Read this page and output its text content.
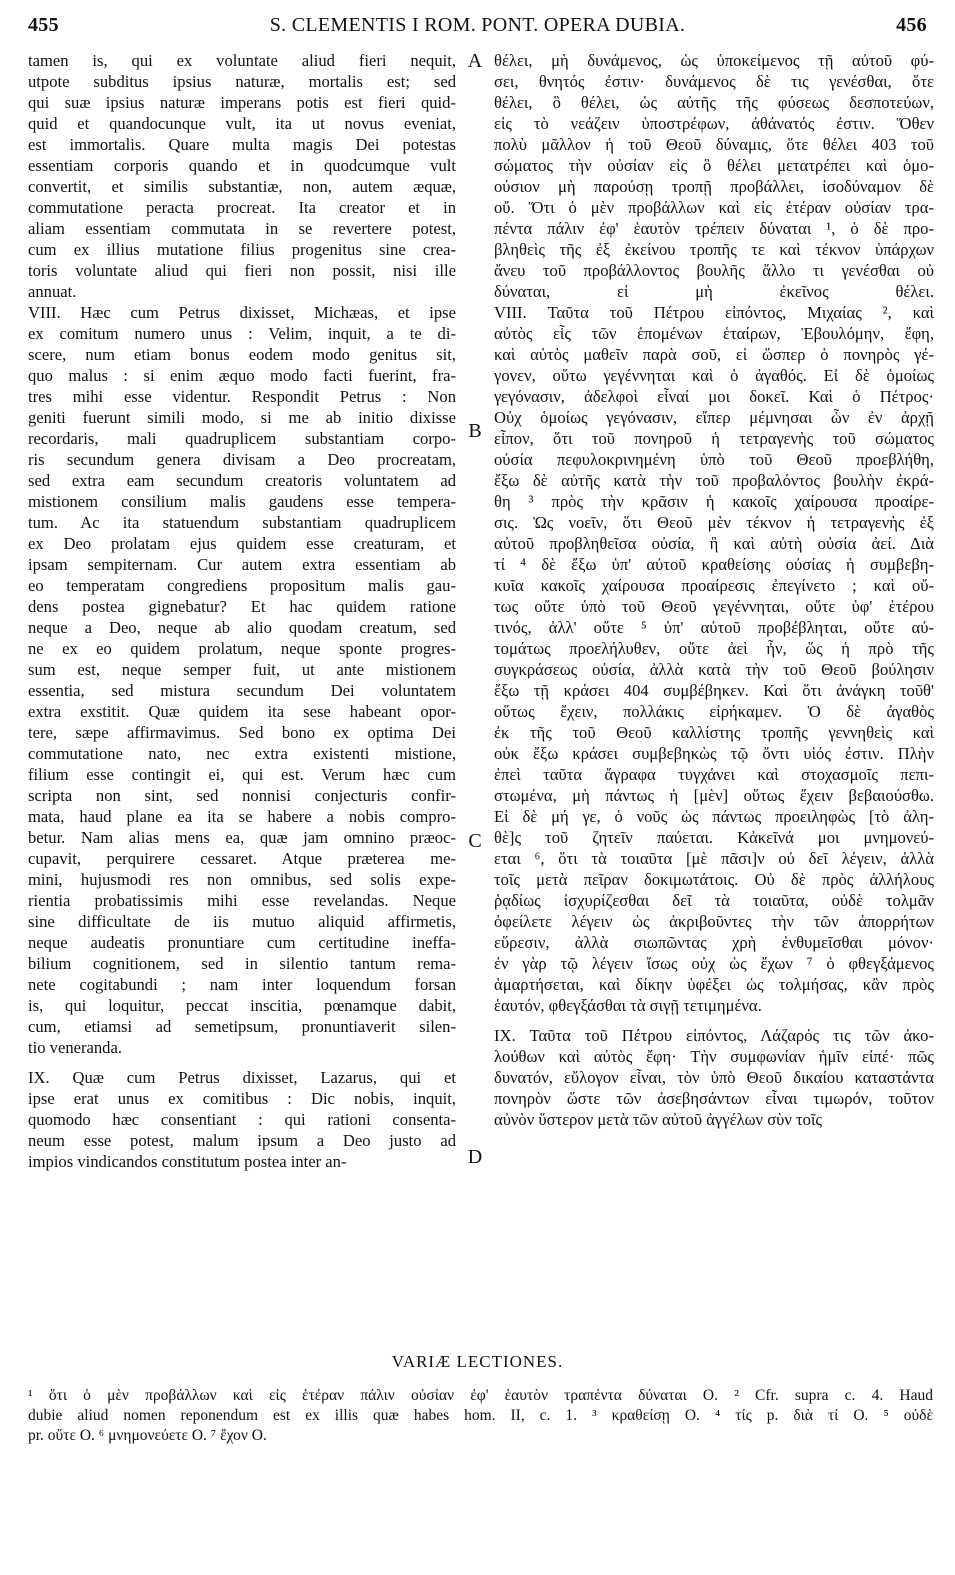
455	S. CLEMENTIS I ROM. PONT. OPERA DUBIA.	456
A
B
C
D
tamen is, qui ex voluntate aliud fieri nequit,
utpote subditus ipsius naturæ, mortalis est; sed
qui suæ ipsius naturæ imperans potis est fieri quid-
quid et quandocunque vult, ita ut novus eveniat,
est immortalis. Quare multa magis Dei potestas
essentiam corporis quando et in quodcumque vult
convertit, et similis substantiæ, non, autem æquæ,
commutatione peracta procreat. Ita creator et in
aliam essentiam commutata in se revertere potest,
cum ex illius mutatione filius progenitus sine crea-
toris voluntate aliud qui fieri non possit, nisi ille
annuat.
VIII. Hæc cum Petrus dixisset, Michæas, et ipse
ex comitum numero unus : Velim, inquit, a te di-
scere, num etiam bonus eodem modo genitus sit,
quo malus : si enim æquo modo facti fuerint, fra-
tres mihi esse videntur. Respondit Petrus : Non
geniti fuerunt simili modo, si me ab initio dixisse
recordaris, mali quadruplicem substantiam corpo-
ris secundum genera divisam a Deo procreatam,
sed extra eam secundum creatoris voluntatem ad
mistionem consilium malis gaudens esse tempera-
tum. Ac ita statuendum substantiam quadruplicem
ex Deo prolatam ejus quidem esse creaturam, et
ipsam sempiternam. Cur autem extra essentiam ab
eo temperatam congrediens propositum malis gau-
dens postea gignebatur? Et hac quidem ratione
neque a Deo, neque ab alio quodam creatum, sed
ne ex eo quidem prolatum, neque sponte progres-
sum est, neque semper fuit, ut ante mistionem
essentia, sed mistura secundum Dei voluntatem
extra exstitit. Quæ quidem ita sese habeant opor-
tere, sæpe affirmavimus. Sed bono ex optima Dei
commutatione nato, nec extra existenti mistione,
filium esse contingit ei, qui est. Verum hæc cum
scripta non sint, sed nonnisi conjecturis confir-
mata, haud plane ea ita se habere a nobis compro-
betur. Nam alias mens ea, quæ jam omnino præoc-
cupavit, perquirere cessaret. Atque præterea me-
mini, hujusmodi res non omnibus, sed solis expe-
rientia probatissimis mihi esse revelandas. Neque
sine difficultate de iis mutuo aliquid affirmetis,
neque audeatis pronuntiare cum certitudine ineffa-
bilium cognitionem, sed in silentio tantum rema-
nete cogitabundi ; nam inter loquendum forsan
is, qui loquitur, peccat inscitia, pœnamque dabit,
cum, etiamsi ad semetipsum, pronuntiaverit silen-
tio veneranda.
IX. Quæ cum Petrus dixisset, Lazarus, qui et
ipse erat unus ex comitibus : Dic nobis, inquit,
quomodo hæc consentiant : qui rationi consenta-
neum esse potest, malum ipsum a Deo justo ad
impios vindicandos constitutum postea inter an-
θέλει, μὴ δυνάμενος, ὡς ὑποκείμενος τῇ αὐτοῦ φύ-
σει, θνητός ἐστιν· δυνάμενος δὲ τις γενέσθαι, ὅτε
θέλει, ὃ θέλει, ὡς αὐτῆς τῆς φύσεως δεσποτεύων,
εἰς τὸ νεάζειν ὑποστρέφων, ἀθάνατός ἐστιν. Ὅθεν
πολὺ μᾶλλον ἡ τοῦ Θεοῦ δύναμις, ὅτε θέλει 403 τοῦ
σώματος τὴν οὐσίαν εἰς ὃ θέλει μετατρέπει καὶ ὁμο-
ούσιον μὴ παρούσῃ τροπῇ προβάλλει, ἰσοδύναμον δὲ
οὔ. Ὅτι ὁ μὲν προβάλλων καὶ εἰς ἑτέραν οὐσίαν τρα-
πέντα πάλιν ἐφ' ἑαυτὸν τρέπειν δύναται ¹, ὁ δὲ προ-
βληθεὶς τῆς ἐξ ἐκείνου τροπῆς τε καὶ τέκνον ὑπάρχων
ἄνευ τοῦ προβάλλοντος βουλῆς ἄλλο τι γενέσθαι οὐ
δύναται, εἰ μὴ ἐκεῖνος θέλει.
VIII. Ταῦτα τοῦ Πέτρου εἰπόντος, Μιχαίας ², καὶ
αὐτὸς εἷς τῶν ἑπομένων ἑταίρων, Ἐβουλόμην, ἔφη,
καὶ αὐτὸς μαθεῖν παρὰ σοῦ, εἰ ὥσπερ ὁ πονηρὸς γέ-
γονεν, οὕτω γεγέννηται καὶ ὁ ἀγαθός. Εἰ δὲ ὁμοίως
γεγόνασιν, ἀδελφοὶ εἶναί μοι δοκεῖ. Καὶ ὁ Πέτρος·
Οὐχ ὁμοίως γεγόνασιν, εἴπερ μέμνησαι ὧν ἐν ἀρχῇ
εἶπον, ὅτι τοῦ πονηροῦ ἡ τετραγενὴς τοῦ σώματος
οὐσία πεφυλοκρινημένη ὑπὸ τοῦ Θεοῦ προεβλήθη,
ἔξω δὲ αὐτῆς κατὰ τὴν τοῦ προβαλόντος βουλὴν ἐκρά-
θη ³ πρὸς τὴν κρᾶσιν ἡ κακοῖς χαίρουσα προαίρε-
σις. Ὡς νοεῖν, ὅτι Θεοῦ μὲν τέκνον ἡ τετραγενὴς ἐξ
αὐτοῦ προβληθεῖσα οὐσία, ἣ καὶ αὐτὴ οὐσία ἀεί. Διὰ
τί ⁴ δὲ ἔξω ὑπ' αὐτοῦ κραθείσης οὐσίας ἡ συμβεβη-
κυῖα κακοῖς χαίρουσα προαίρεσις ἐπεγίνετο ; καὶ οὔ-
τως οὔτε ὑπὸ τοῦ Θεοῦ γεγέννηται, οὔτε ὑφ' ἑτέρου
τινός, ἀλλ' οὔτε ⁵ ὑπ' αὐτοῦ προβέβληται, οὔτε αὐ-
τομάτως προελήλυθεν, οὔτε ἀεὶ ἦν, ὥς ἡ πρὸ τῆς
συγκράσεως οὐσία, ἀλλὰ κατὰ τὴν τοῦ Θεοῦ βούλησιν
ἔξω τῇ κράσει 404 συμβέβηκεν. Καὶ ὅτι ἀνάγκη τοῦθ'
οὕτως ἔχειν, πολλάκις εἰρήκαμεν. Ὁ δὲ ἀγαθὸς
ἐκ τῆς τοῦ Θεοῦ καλλίστης τροπῆς γεννηθεὶς καὶ
οὐκ ἔξω κράσει συμβεβηκὼς τῷ ὄντι υἱός ἐστιν. Πλὴν
ἐπεὶ ταῦτα ἄγραφα τυγχάνει καὶ στοχασμοῖς πεπι-
στωμένα, μὴ πάντως ἡ [μὲν] οὕτως ἔχειν βεβαιούσθω.
Εἰ δὲ μή γε, ὁ νοῦς ὡς πάντως προειληφὼς [τὸ ἀλη-
θὲ]ς τοῦ ζητεῖν παύεται. Κἀκεῖνά μοι μνημονεύ-
εται ⁶, ὅτι τὰ τοιαῦτα [μὲ πᾶσι]ν οὐ δεῖ λέγειν, ἀλλὰ
τοῖς μετὰ πεῖραν δοκιμωτάτοις. Οὐ δὲ πρὸς ἀλλήλους
ῥᾳδίως ἰσχυρίζεσθαι δεῖ τὰ τοιαῦτα, οὐδὲ τολμᾶν
ὀφείλετε λέγειν ὡς ἀκριβοῦντες τὴν τῶν ἀπορρήτων
εὕρεσιν, ἀλλὰ σιωπῶντας χρὴ ἐνθυμεῖσθαι μόνον·
ἐν γὰρ τῷ λέγειν ἴσως οὐχ ὡς ἔχων ⁷ ὁ φθεγξάμενος
ἁμαρτήσεται, καὶ δίκην ὑφέξει ὡς τολμήσας, κἂν πρὸς
ἑαυτόν, φθεγξάσθαι τὰ σιγῇ τετιμημένα.
IX. Ταῦτα τοῦ Πέτρου εἰπόντος, Λάζαρός τις τῶν ἀκο-
λούθων καὶ αὐτὸς ἔφη· Τὴν συμφωνίαν ἡμῖν εἰπέ· πῶς
δυνατόν, εὔλογον εἶναι, τὸν ὑπὸ Θεοῦ δικαίου καταστάντα
πονηρὸν ὥστε τῶν ἀσεβησάντων εἶναι τιμωρόν, τοῦτον
αὐνὸν ὕστερον μετὰ τῶν αὐτοῦ ἀγγέλων σὺν τοῖς
VARIÆ LECTIONES.
¹ ὅτι ὁ μὲν προβάλλων καὶ εἰς ἑτέραν πάλιν οὐσίαν ἐφ' ἑαυτὸν τραπέντα δύναται O. ² Cfr. supra c. 4. Haud
dubie aliud nomen reponendum est ex illis quæ habes hom. II, c. 1. ³ κραθείσῃ O. ⁴ τίς p. διὰ τί O. ⁵ οὐδὲ
pr. οὔτε O. ⁶ μνημονεύετε O. ⁷ ἔχον O.
